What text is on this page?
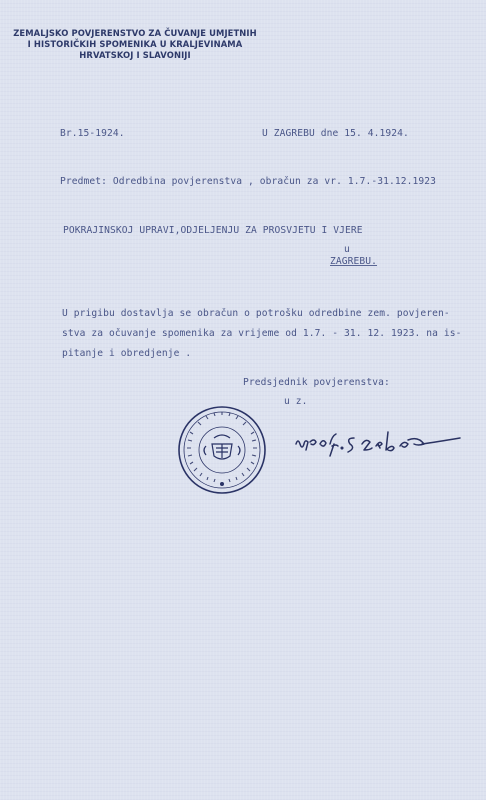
ZEMALJSKO POVJERENSTVO ZA ČUVANJE UMJETNIH
I HISTORIČKIH SPOMENIKA U KRALJEVINAMA
HRVATSKOJ I SLAVONIJI
Br.15-1924.	U ZAGREBU dne 15. 4.1924.
Predmet: Odredbina povjerenstva , obračun za vr. 1.7.-31.12.1923
POKRAJINSKOJ UPRAVI,ODJELJENJU ZA PROSVJETU I VJERE
u
ZAGREBU.
U prigibu dostavlja se obračun o potrošku odredbine zem. povjeren-
stva za očuvanje spomenika za vrijeme od 1.7. - 31. 12. 1923. na is-
pitanje i obredjenje .
Predsjednik povjerenstva:
u z.
